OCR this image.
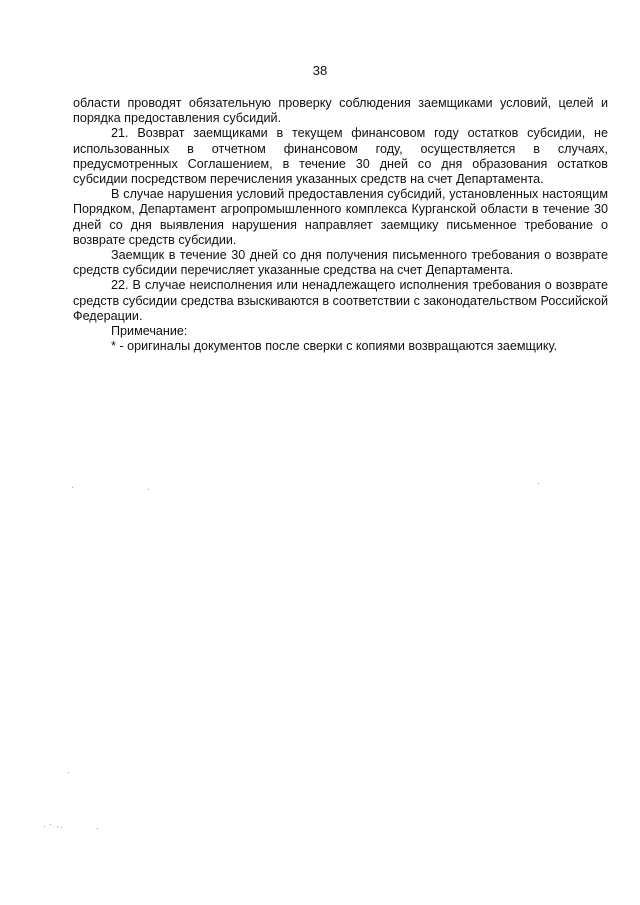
38

области проводят обязательную проверку соблюдения заемщиками условий, целей и порядка предоставления субсидий.

21. Возврат заемщиками в текущем финансовом году остатков субсидии, не использованных в отчетном финансовом году, осуществляется в случаях, предусмотренных Соглашением, в течение 30 дней со дня образования остатков субсидии посредством перечисления указанных средств на счет Департамента.

В случае нарушения условий предоставления субсидий, установленных настоящим Порядком, Департамент агропромышленного комплекса Курганской области в течение 30 дней со дня выявления нарушения направляет заемщику письменное требование о возврате средств субсидии.

Заемщик в течение 30 дней со дня получения письменного требования о возврате средств субсидии перечисляет указанные средства на счет Департамента.

22. В случае неисполнения или ненадлежащего исполнения требования о возврате средств субсидии средства взыскиваются в соответствии с законодательством Российской Федерации.

Примечание:

* - оригиналы документов после сверки с копиями возвращаются заемщику.
